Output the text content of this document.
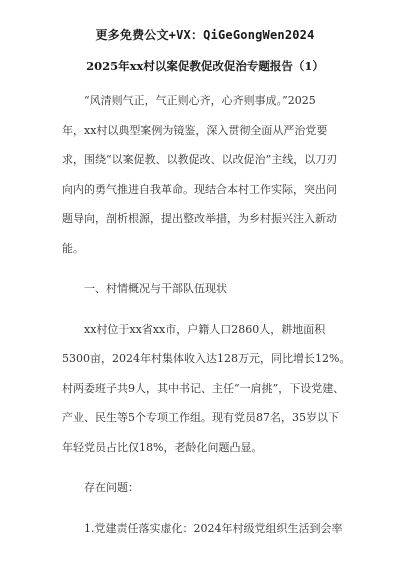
更多免费公文+VX：QiGeGongWen2024
2025年xx村以案促教促改促治专题报告（1）
“风清则气正，气正则心齐，心齐则事成。”2025
年，xx村以典型案例为镜鉴，深入贯彻全面从严治党要
求，围绕“以案促教、以教促改、以改促治”主线，以刀刃
向内的勇气推进自我革命。现结合本村工作实际，突出问
题导向，剖析根源，提出整改举措，为乡村振兴注入新动
能。
一、村情概况与干部队伍现状
xx村位于xx省xx市，户籍人口2860人，耕地面积
5300亩，2024年村集体收入达128万元，同比增长12%。
村两委班子共9人，其中书记、主任“一肩挑”，下设党建、
产业、民生等5个专项工作组。现有党员87名，35岁以下
年轻党员占比仅18%，老龄化问题凸显。
存在问题：
1.党建责任落实虚化：2024年村级党组织生活到会率
